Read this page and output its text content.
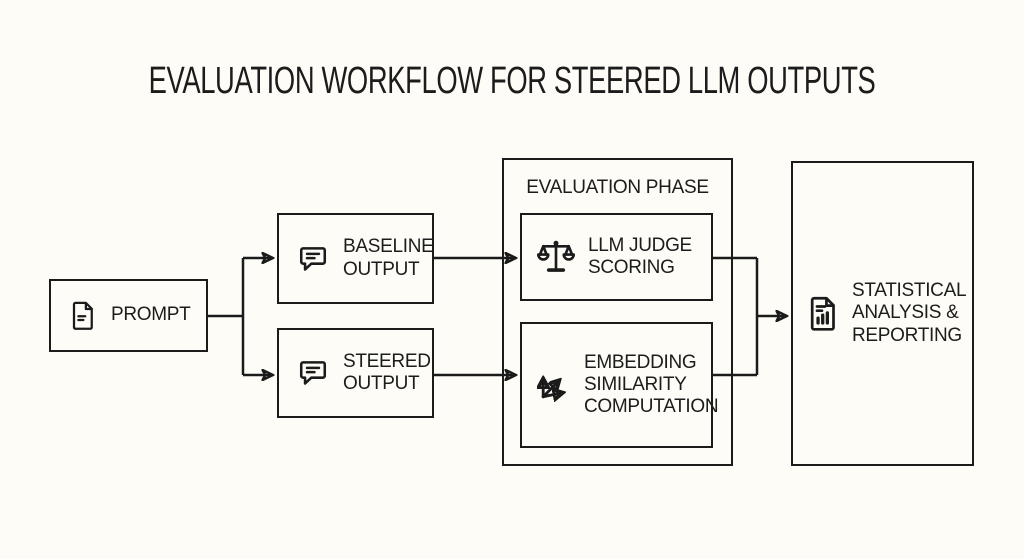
EVALUATION WORKFLOW FOR STEERED LLM OUTPUTS
PROMPT
BASELINE OUTPUT
STEERED OUTPUT
EVALUATION PHASE
LLM JUDGE SCORING
EMBEDDING SIMILARITY COMPUTATION
STATISTICAL ANALYSIS & REPORTING
